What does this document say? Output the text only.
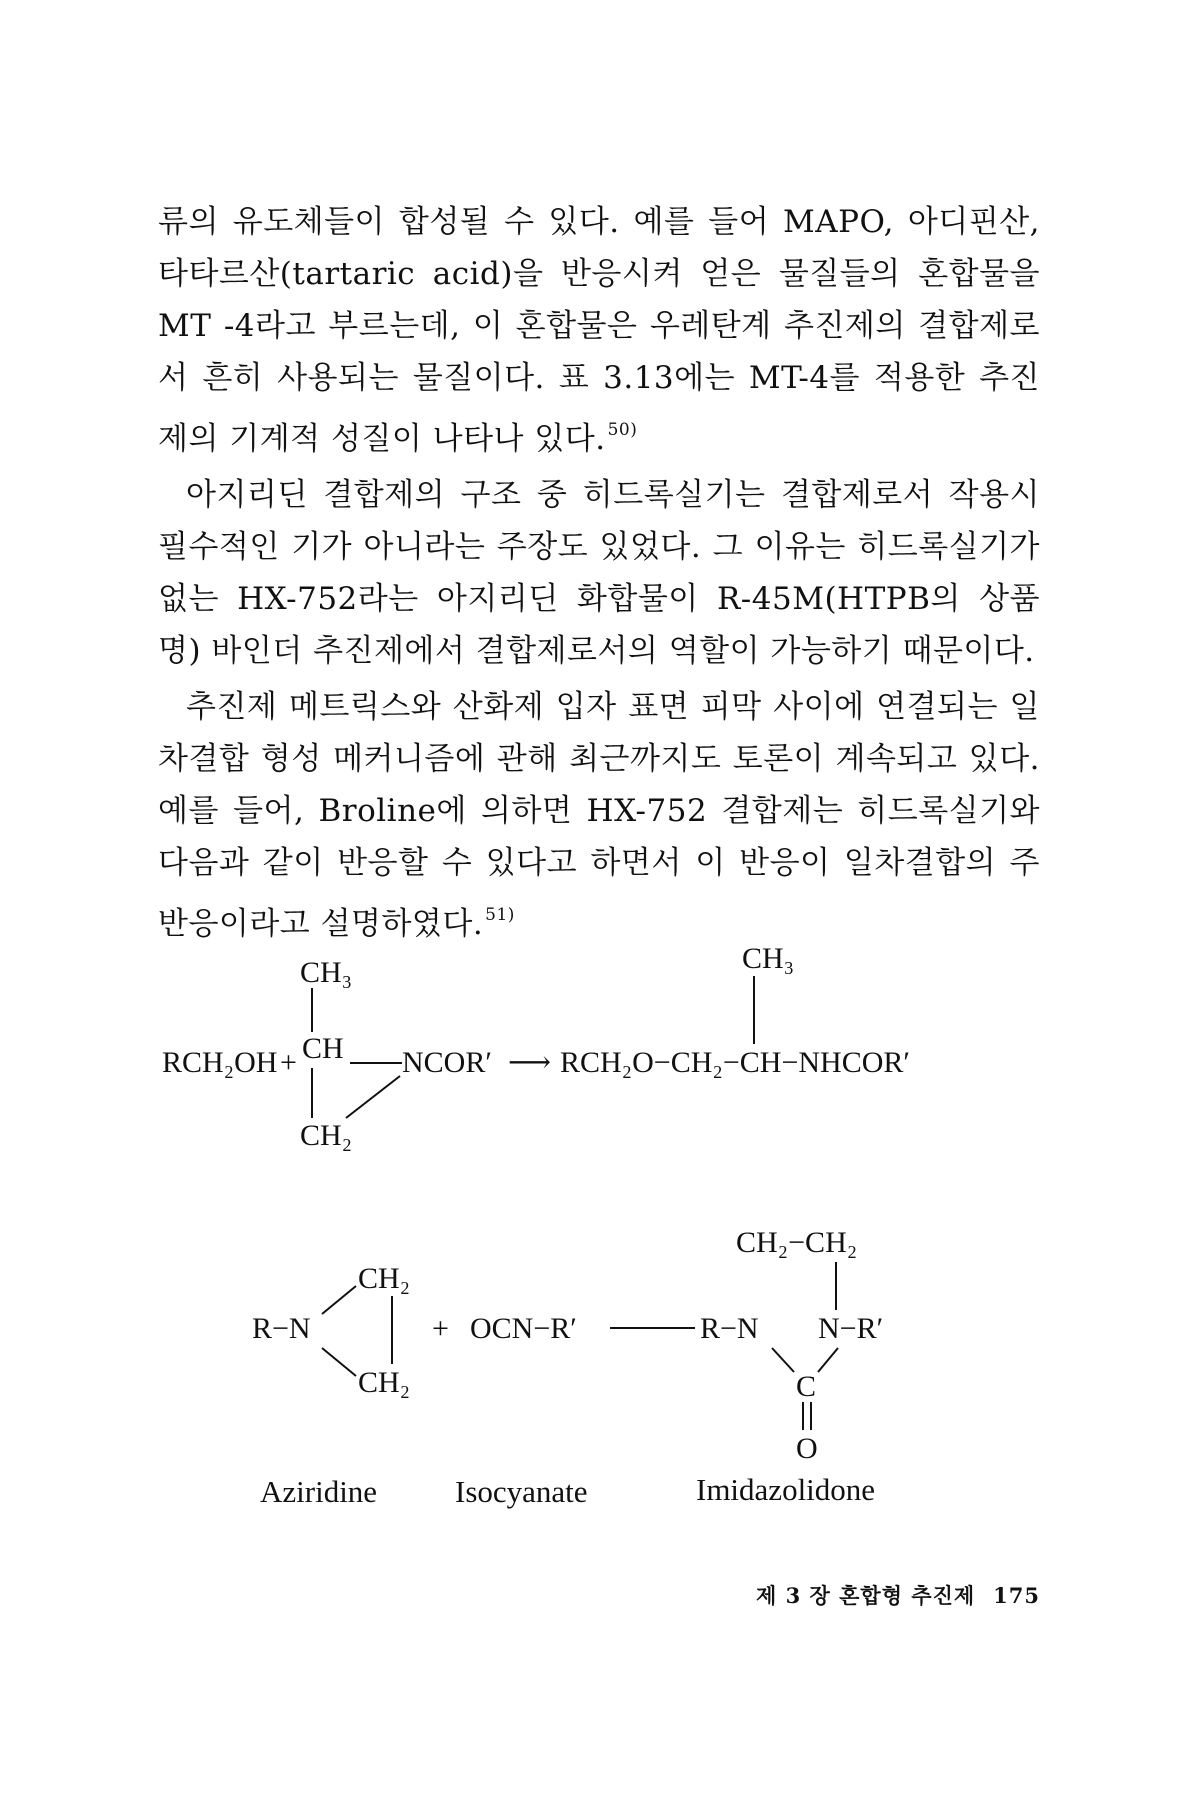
류의 유도체들이 합성될 수 있다. 예를 들어 MAPO, 아디핀산, 타타르산(tartaric acid)을 반응시켜 얻은 물질들의 혼합물을 MT -4라고 부르는데, 이 혼합물은 우레탄계 추진제의 결합제로서 흔히 사용되는 물질이다. 표 3.13에는 MT-4를 적용한 추진제의 기계적 성질이 나타나 있다. $^{50)}$

아지리딘 결합제의 구조 중 히드록실기는 결합제로서 작용시 필수적인 기가 아니라는 주장도 있었다. 그 이유는 히드록실기가 없는 HX-752라는 아지리딘 화합물이 R-45M(HTPB의 상품명) 바인더 추진제에서 결합제로서의 역할이 가능하기 때문이다.

추진제 메트릭스와 산화제 입자 표면 피막 사이에 연결되는 일차결합 형성 메커니즘에 관해 최근까지도 토론이 계속되고 있다. 예를 들어, Broline에 의하면 HX-752 결합제는 히드록실기와 다음과 같이 반응할 수 있다고 하면서 이 반응이 일차결합의 주 반응이라고 설명하였다. $^{51)}$

RCH₂OH +
CH₃
CH NCOR′
CH₂
⟶ RCH₂O−CH₂−CH−NHCOR′
CH₃
R−N
CH₂
CH₂
+ OCN−R′	R−N N−R′
CH₂−CH₂
C
O
Aziridine	Isocyanate	Imidazolidone
제 3 장 혼합형 추진제 175
